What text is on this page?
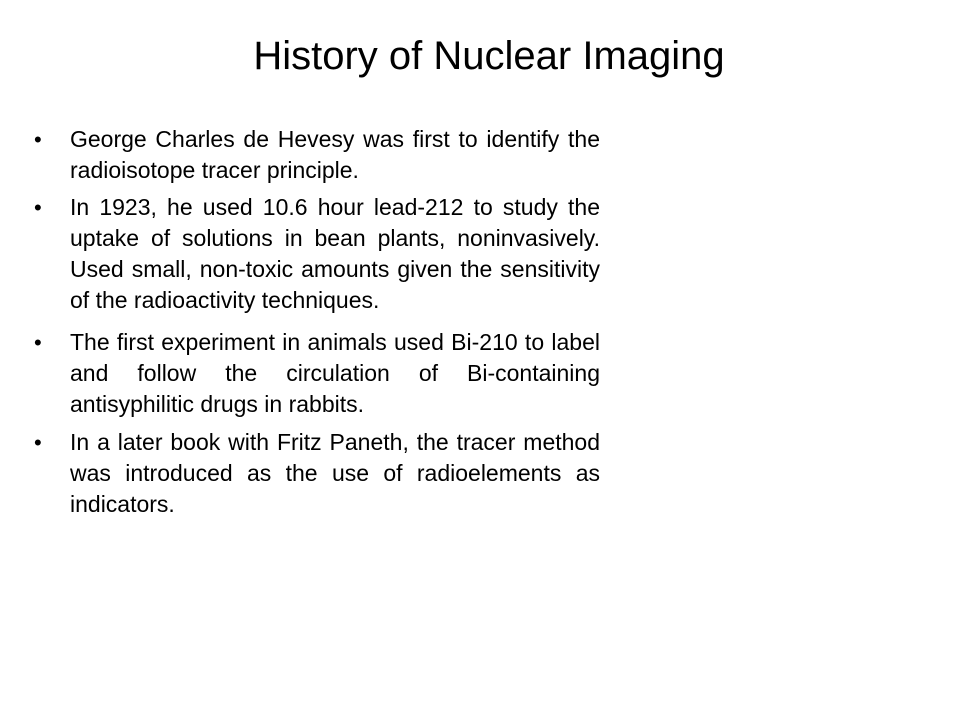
History of Nuclear Imaging
•	George Charles de Hevesy was first to identify the radioisotope tracer principle.
•	In 1923, he used 10.6 hour lead-212 to study the uptake of solutions in bean plants, noninvasively. Used small, non-toxic amounts given the sensitivity of the radioactivity techniques.
•	The first experiment in animals used Bi-210 to label and follow the circulation of Bi-containing antisyphilitic drugs in rabbits.
•	In a later book with Fritz Paneth, the tracer method was introduced as the use of radioelements as indicators.
